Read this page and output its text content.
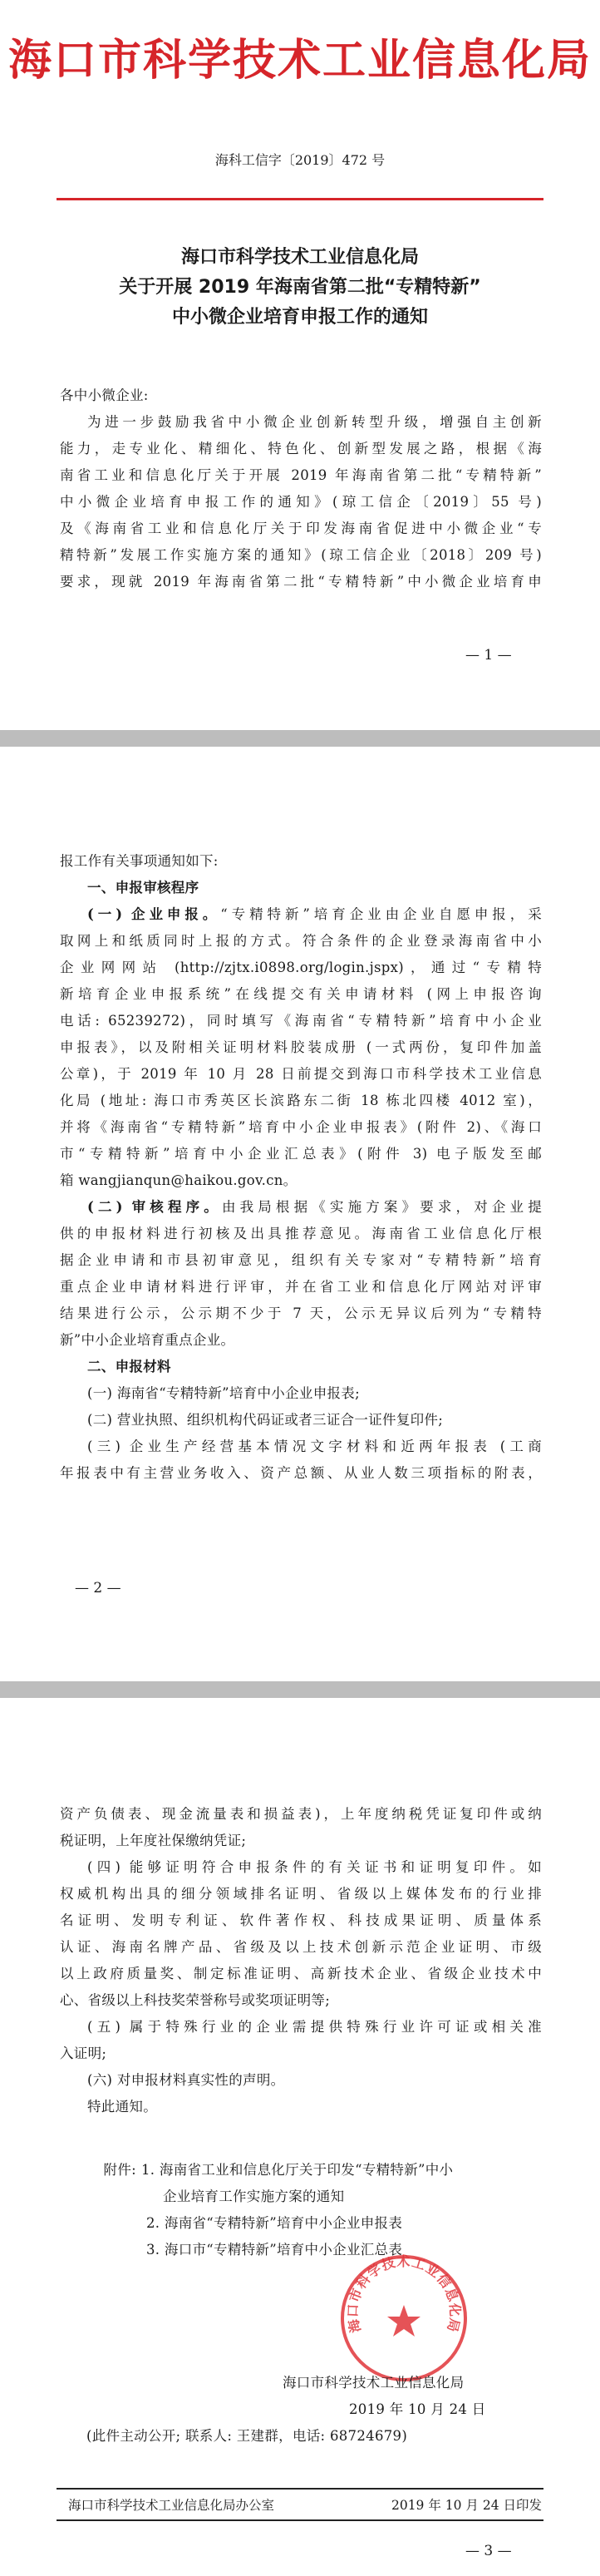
海口市科学技术工业信息化局
海科工信字〔2019〕472 号
海口市科学技术工业信息化局
关于开展 2019 年海南省第二批“专精特新”
中小微企业培育申报工作的通知
各中小微企业:
为进一步鼓励我省中小微企业创新转型升级，增强自主创新
能力，走专业化、精细化、特色化、创新型发展之路，根据《海
南省工业和信息化厅关于开展 2019 年海南省第二批“专精特新”
中小微企业培育申报工作的通知》(琼工信企〔2019〕55 号)
及《海南省工业和信息化厅关于印发海南省促进中小微企业“专
精特新”发展工作实施方案的通知》(琼工信企业〔2018〕209 号)
要求，现就 2019 年海南省第二批“专精特新”中小微企业培育申
— 1 —
报工作有关事项通知如下:
一、申报审核程序
(一) 企业申报。“专精特新”培育企业由企业自愿申报，采
取网上和纸质同时上报的方式。符合条件的企业登录海南省中小
企业网网站 (http://zjtx.i0898.org/login.jspx)，通过“专精特
新培育企业申报系统”在线提交有关申请材料 (网上申报咨询
电话: 65239272)，同时填写《海南省“专精特新”培育中小企业
申报表》，以及附相关证明材料胶装成册 (一式两份，复印件加盖
公章)，于 2019 年 10 月 28 日前提交到海口市科学技术工业信息
化局 (地址: 海口市秀英区长滨路东二街 18 栋北四楼 4012 室)，
并将《海南省“专精特新”培育中小企业申报表》(附件 2)、《海口
市“专精特新”培育中小企业汇总表》(附件 3) 电子版发至邮
箱 wangjianqun@haikou.gov.cn。
(二) 审核程序。由我局根据《实施方案》要求，对企业提
供的申报材料进行初核及出具推荐意见。海南省工业信息化厅根
据企业申请和市县初审意见，组织有关专家对“专精特新”培育
重点企业申请材料进行评审，并在省工业和信息化厅网站对评审
结果进行公示，公示期不少于 7 天，公示无异议后列为“专精特
新”中小企业培育重点企业。
二、申报材料
(一) 海南省“专精特新”培育中小企业申报表;
(二) 营业执照、组织机构代码证或者三证合一证件复印件;
(三) 企业生产经营基本情况文字材料和近两年报表 (工商
年报表中有主营业务收入、资产总额、从业人数三项指标的附表，
— 2 —
资产负债表、现金流量表和损益表)，上年度纳税凭证复印件或纳
税证明，上年度社保缴纳凭证;
(四) 能够证明符合申报条件的有关证书和证明复印件。如
权威机构出具的细分领域排名证明、省级以上媒体发布的行业排
名证明、发明专利证、软件著作权、科技成果证明、质量体系
认证、海南名牌产品、省级及以上技术创新示范企业证明、市级
以上政府质量奖、制定标准证明、高新技术企业、省级企业技术中
心、省级以上科技奖荣誉称号或奖项证明等;
(五) 属于特殊行业的企业需提供特殊行业许可证或相关准
入证明;
(六) 对申报材料真实性的声明。
特此通知。
附件: 1. 海南省工业和信息化厅关于印发“专精特新”中小
企业培育工作实施方案的通知
2. 海南省“专精特新”培育中小企业申报表
3. 海口市“专精特新”培育中小企业汇总表
海口市科学技术工业信息化局
海口市科学技术工业信息化局
2019 年 10 月 24 日
(此件主动公开; 联系人: 王建群，电话: 68724679)
海口市科学技术工业信息化局办公室	2019 年 10 月 24 日印发
— 3 —
